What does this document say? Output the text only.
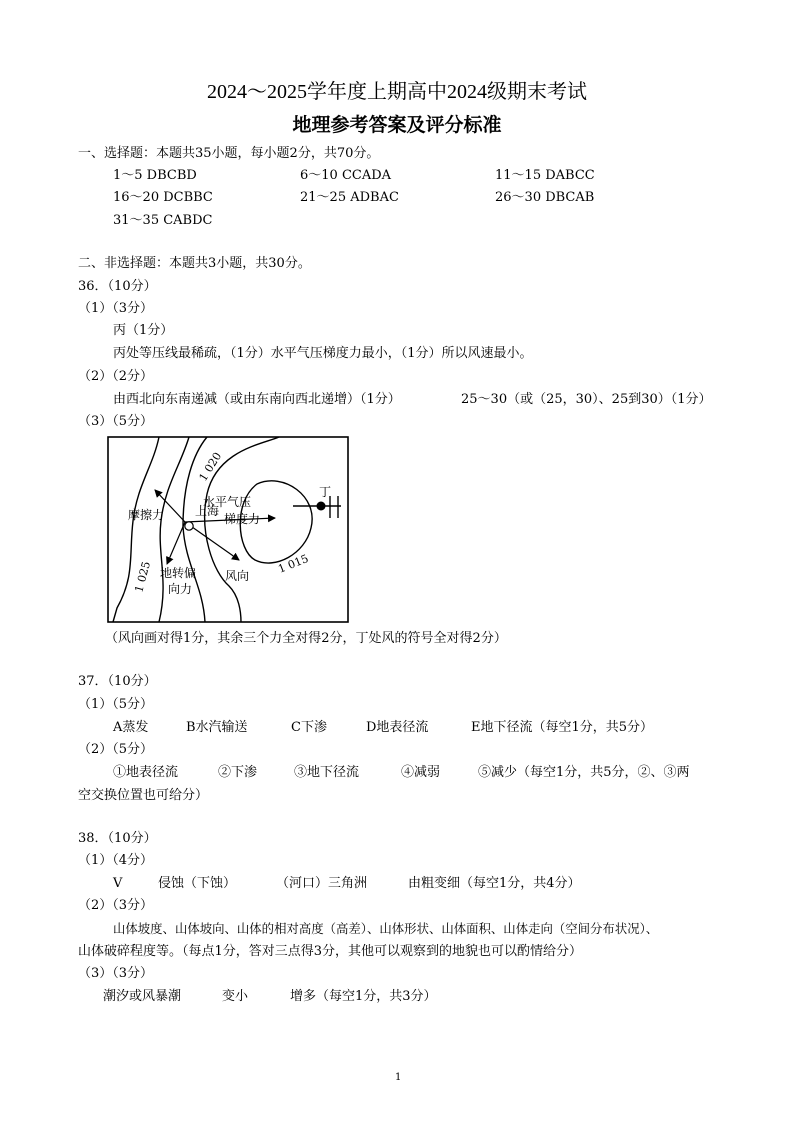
2024～2025学年度上期高中2024级期末考试
地理参考答案及评分标准
一、选择题：本题共35小题，每小题2分，共70分。
1～5 DBCBD	6～10 CCADA	11～15 DABCC
16～20 DCBBC	21～25 ADBAC	26～30 DBCAB
31～35 CABDC
二、非选择题：本题共3小题，共30分。
36．（10分）
（1）（3分）
丙（1分）
丙处等压线最稀疏，（1分）水平气压梯度力最小，（1分）所以风速最小。
（2）（2分）
由西北向东南递减（或由东南向西北递增）（1分）	25～30（或（25，30）、25到30）（1分）
（3）（5分）
1 020
1 015
1 025
上海
丁
水平气压
梯度力
摩擦力
地转偏
向力
风向
（风向画对得1分，其余三个力全对得2分，丁处风的符号全对得2分）
37．（10分）
（1）（5分）
A蒸发	B水汽输送	C下渗	D地表径流	E地下径流（每空1分，共5分）
（2）（5分）
①地表径流	②下渗	③地下径流	④减弱	⑤减少（每空1分，共5分，②、③两
空交换位置也可给分）
38．（10分）
（1）（4分）
V	侵蚀（下蚀）	（河口）三角洲	由粗变细（每空1分，共4分）
（2）（3分）
山体坡度、山体坡向、山体的相对高度（高差）、山体形状、山体面积、山体走向（空间分布状况）、
山体破碎程度等。（每点1分，答对三点得3分，其他可以观察到的地貌也可以酌情给分）
（3）（3分）
潮汐或风暴潮	变小	增多（每空1分，共3分）
1
